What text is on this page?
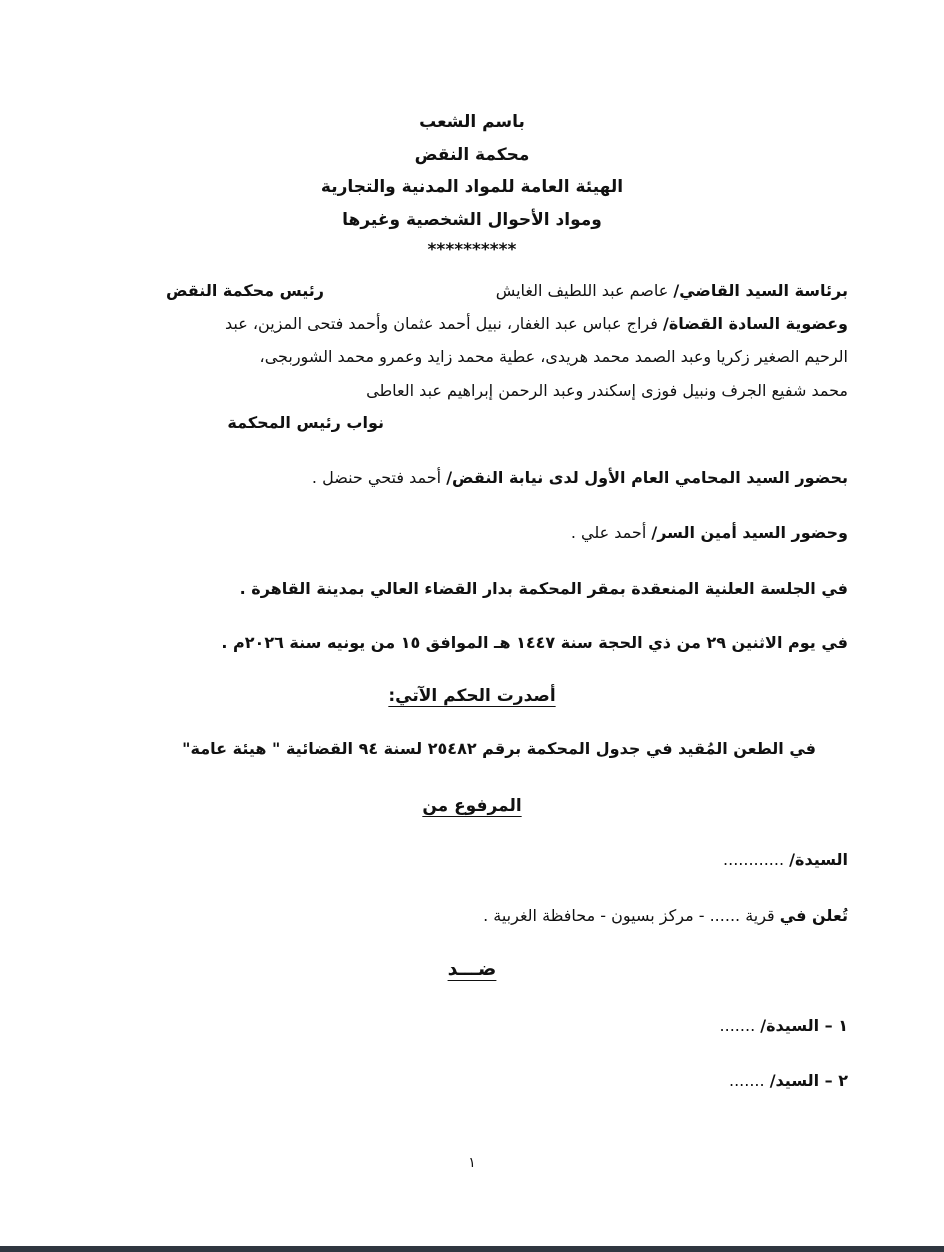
باسم الشعب
محكمة النقض
الهيئة العامة للمواد المدنية والتجارية
ومواد الأحوال الشخصية وغيرها
**********
برئاسة السيد القاضي/ عاصم عبد اللطيف الغايش
رئيس محكمة النقض
وعضوية السادة القضاة/ فراج عباس عبد الغفار، نبيل أحمد عثمان وأحمد فتحى المزين، عبد
الرحيم الصغير زكريا وعبد الصمد محمد هريدى، عطية محمد زايد وعمرو محمد الشوربجى،
محمد شفيع الجرف ونبيل فوزى إسكندر وعبد الرحمن إبراهيم عبد العاطى
نواب رئيس المحكمة
بحضور السيد المحامي العام الأول لدى نيابة النقض/ أحمد فتحي حنضل .
وحضور السيد أمين السر/ أحمد علي .
في الجلسة العلنية المنعقدة بمقر المحكمة بدار القضاء العالي بمدينة القاهرة .
في يوم الاثنين ٢٩ من ذي الحجة سنة ١٤٤٧ هـ الموافق ١٥ من يونيه سنة ٢٠٢٦م .
أصدرت الحكم الآتي:
في الطعن المُقيد في جدول المحكمة برقم ٢٥٤٨٢ لسنة ٩٤ القضائية " هيئة عامة"
المرفوع من
السيدة/ ............
تُعلن في قرية ...... - مركز بسيون - محافظة الغربية .
ضـــد
١ – السيدة/ .......
٢ – السيد/ .......
١
